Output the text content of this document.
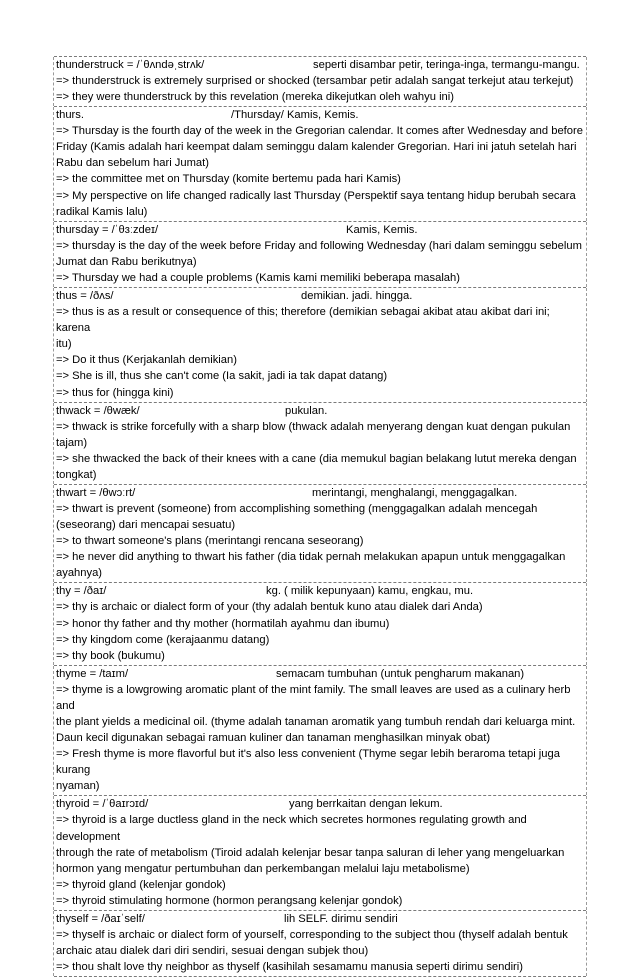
thunderstruck = /ˈθʌndəˌstrʌk/	seperti disambar petir, teringa-inga, termangu-mangu.
=> thunderstruck is extremely surprised or shocked (tersambar petir adalah sangat terkejut atau terkejut)
=> they were thunderstruck by this revelation (mereka dikejutkan oleh wahyu ini)
thurs.	/Thursday/ Kamis, Kemis.
=> Thursday is the fourth day of the week in the Gregorian calendar. It comes after Wednesday and before
Friday (Kamis adalah hari keempat dalam seminggu dalam kalender Gregorian. Hari ini jatuh setelah hari
Rabu dan sebelum hari Jumat)
=> the committee met on Thursday (komite bertemu pada hari Kamis)
=> My perspective on life changed radically last Thursday (Perspektif saya tentang hidup berubah secara
radikal Kamis lalu)
thursday = /ˈθɜːzdeɪ/	Kamis, Kemis.
=> thursday is the day of the week before Friday and following Wednesday (hari dalam seminggu sebelum
Jumat dan Rabu berikutnya)
=> Thursday we had a couple problems (Kamis kami memiliki beberapa masalah)
thus = /ðʌs/	demikian. jadi. hingga.
=> thus is as a result or consequence of this; therefore (demikian sebagai akibat atau akibat dari ini; karena
itu)
=> Do it thus (Kerjakanlah demikian)
=> She is ill, thus she can't come (Ia sakit, jadi ia tak dapat datang)
=> thus for (hingga kini)
thwack = /θwæk/	pukulan.
=> thwack is strike forcefully with a sharp blow (thwack adalah menyerang dengan kuat dengan pukulan
tajam)
=> she thwacked the back of their knees with a cane (dia memukul bagian belakang lutut mereka dengan
tongkat)
thwart = /θwɔːrt/	merintangi, menghalangi, menggagalkan.
=> thwart is prevent (someone) from accomplishing something (menggagalkan adalah mencegah
(seseorang) dari mencapai sesuatu)
=> to thwart someone's plans (merintangi rencana seseorang)
=> he never did anything to thwart his father (dia tidak pernah melakukan apapun untuk menggagalkan
ayahnya)
thy = /ðaɪ/	kg. ( milik kepunyaan) kamu, engkau, mu.
=> thy is archaic or dialect form of your (thy adalah bentuk kuno atau dialek dari Anda)
=> honor thy father and thy mother (hormatilah ayahmu dan ibumu)
=> thy kingdom come (kerajaanmu datang)
=> thy book (bukumu)
thyme = /taɪm/	semacam tumbuhan (untuk pengharum makanan)
=> thyme is a lowgrowing aromatic plant of the mint family. The small leaves are used as a culinary herb and
the plant yields a medicinal oil. (thyme adalah tanaman aromatik yang tumbuh rendah dari keluarga mint.
Daun kecil digunakan sebagai ramuan kuliner dan tanaman menghasilkan minyak obat)
=> Fresh thyme is more flavorful but it's also less convenient (Thyme segar lebih beraroma tetapi juga kurang
nyaman)
thyroid = /ˈθaɪrɔɪd/	yang berrkaitan dengan lekum.
=> thyroid is a large ductless gland in the neck which secretes hormones regulating growth and development
through the rate of metabolism (Tiroid adalah kelenjar besar tanpa saluran di leher yang mengeluarkan
hormon yang mengatur pertumbuhan dan perkembangan melalui laju metabolisme)
=> thyroid gland (kelenjar gondok)
=> thyroid stimulating hormone (hormon perangsang kelenjar gondok)
thyself = /ðaɪˈself/	lih SELF. dirimu sendiri
=> thyself is archaic or dialect form of yourself, corresponding to the subject thou (thyself adalah bentuk
archaic atau dialek dari diri sendiri, sesuai dengan subjek thou)
=> thou shalt love thy neighbor as thyself (kasihilah sesamamu manusia seperti dirimu sendiri)
